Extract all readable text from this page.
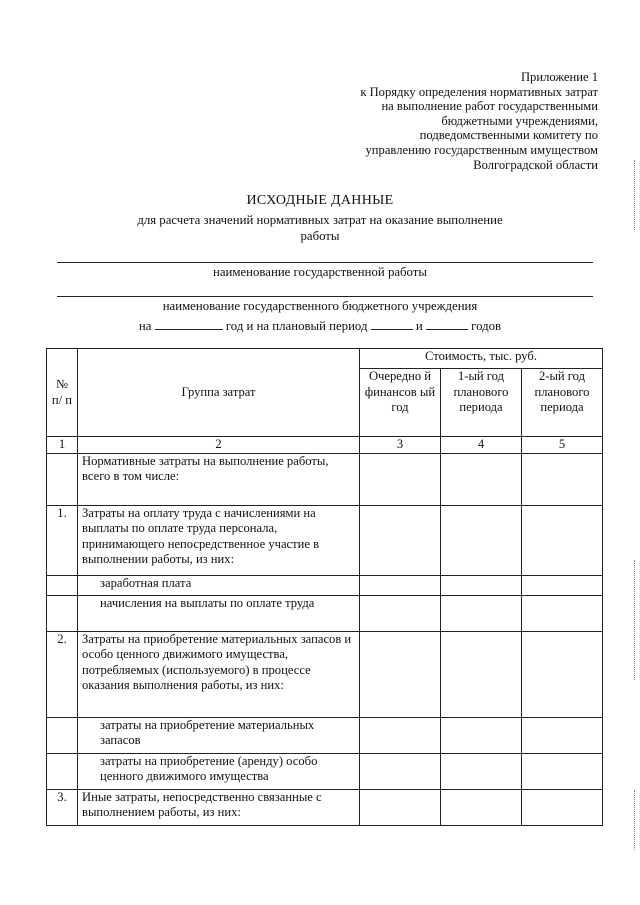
Приложение 1
к Порядку определения нормативных затрат
на выполнение работ государственными
бюджетными учреждениями,
подведомственными комитету по
управлению государственным имуществом
Волгоградской области
ИСХОДНЫЕ ДАННЫЕ
для расчета значений нормативных затрат на оказание выполнение
работы
наименование государственной работы
наименование государственного бюджетного учреждения
на	год и на плановый период	и	годов
№ п/ п	Группа затрат	Стоимость, тыс. руб.		
		Очередно й финансов ый год	1-ый год планового периода	2-ый год планового периода
1	2	3	4	5
	Нормативные затраты на выполнение работы, всего в том числе:			
1.	Затраты на оплату труда с начислениями на выплаты по оплате труда персонала, принимающего непосредственное участие в выполнении работы, из них:			
	заработная плата			
	начисления на выплаты по оплате труда			
2.	Затраты на приобретение материальных запасов и особо ценного движимого имущества, потребляемых (используемого) в процессе оказания выполнения работы, из них:			
	затраты на приобретение материальных запасов			
	затраты на приобретение (аренду) особо ценного движимого имущества			
3.	Иные затраты, непосредственно связанные с выполнением работы, из них:			
